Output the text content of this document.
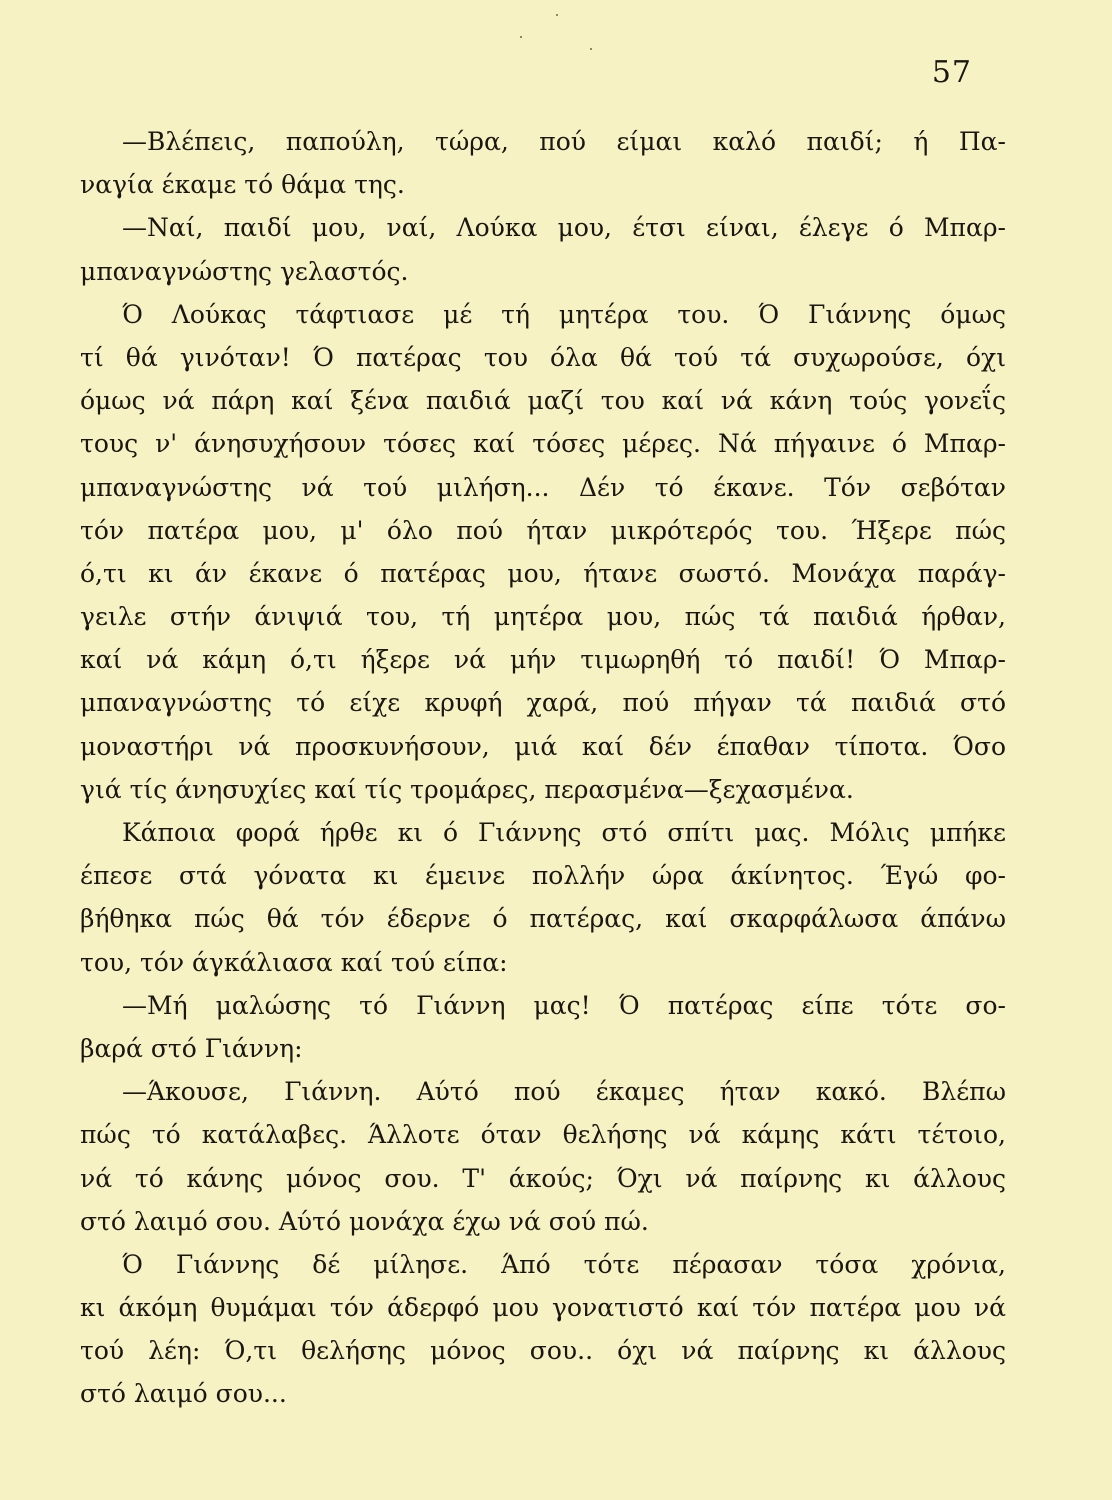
57
—Βλέπεις, παπούλη, τώρα, πού είμαι καλό παιδί; ή Πα-
ναγία έκαμε τό θάμα της.
—Ναί, παιδί μου, ναί, Λούκα μου, έτσι είναι, έλεγε ό Μπαρ-
μπαναγνώστης γελαστός.
Ό Λούκας τάφτιασε μέ τή μητέρα του. Ό Γιάννης όμως
τί θά γινόταν! Ό πατέρας του όλα θά τού τά συχωρούσε, όχι
όμως νά πάρη καί ξένα παιδιά μαζί του καί νά κάνη τούς γονεΐς
τους ν' άνησυχήσουν τόσες καί τόσες μέρες. Νά πήγαινε ό Μπαρ-
μπαναγνώστης νά τού μιλήση... Δέν τό έκανε. Τόν σεβόταν
τόν πατέρα μου, μ' όλο πού ήταν μικρότερός του. Ήξερε πώς
ό,τι κι άν έκανε ό πατέρας μου, ήτανε σωστό. Μονάχα παράγ-
γειλε στήν άνιψιά του, τή μητέρα μου, πώς τά παιδιά ήρθαν,
καί νά κάμη ό,τι ήξερε νά μήν τιμωρηθή τό παιδί! Ό Μπαρ-
μπαναγνώστης τό είχε κρυφή χαρά, πού πήγαν τά παιδιά στό
μοναστήρι νά προσκυνήσουν, μιά καί δέν έπαθαν τίποτα. Όσο
γιά τίς άνησυχίες καί τίς τρομάρες, περασμένα—ξεχασμένα.
Κάποια φορά ήρθε κι ό Γιάννης στό σπίτι μας. Μόλις μπήκε
έπεσε στά γόνατα κι έμεινε πολλήν ώρα άκίνητος. Έγώ φο-
βήθηκα πώς θά τόν έδερνε ό πατέρας, καί σκαρφάλωσα άπάνω
του, τόν άγκάλιασα καί τού είπα:
—Μή μαλώσης τό Γιάννη μας! Ό πατέρας είπε τότε σο-
βαρά στό Γιάννη:
—Άκουσε, Γιάννη. Αύτό πού έκαμες ήταν κακό. Βλέπω
πώς τό κατάλαβες. Άλλοτε όταν θελήσης νά κάμης κάτι τέτοιο,
νά τό κάνης μόνος σου. Τ' άκούς; Όχι νά παίρνης κι άλλους
στό λαιμό σου. Αύτό μονάχα έχω νά σού πώ.
Ό Γιάννης δέ μίλησε. Άπό τότε πέρασαν τόσα χρόνια,
κι άκόμη θυμάμαι τόν άδερφό μου γονατιστό καί τόν πατέρα μου νά
τού λέη: Ό,τι θελήσης μόνος σου.. όχι νά παίρνης κι άλλους
στό λαιμό σου...
